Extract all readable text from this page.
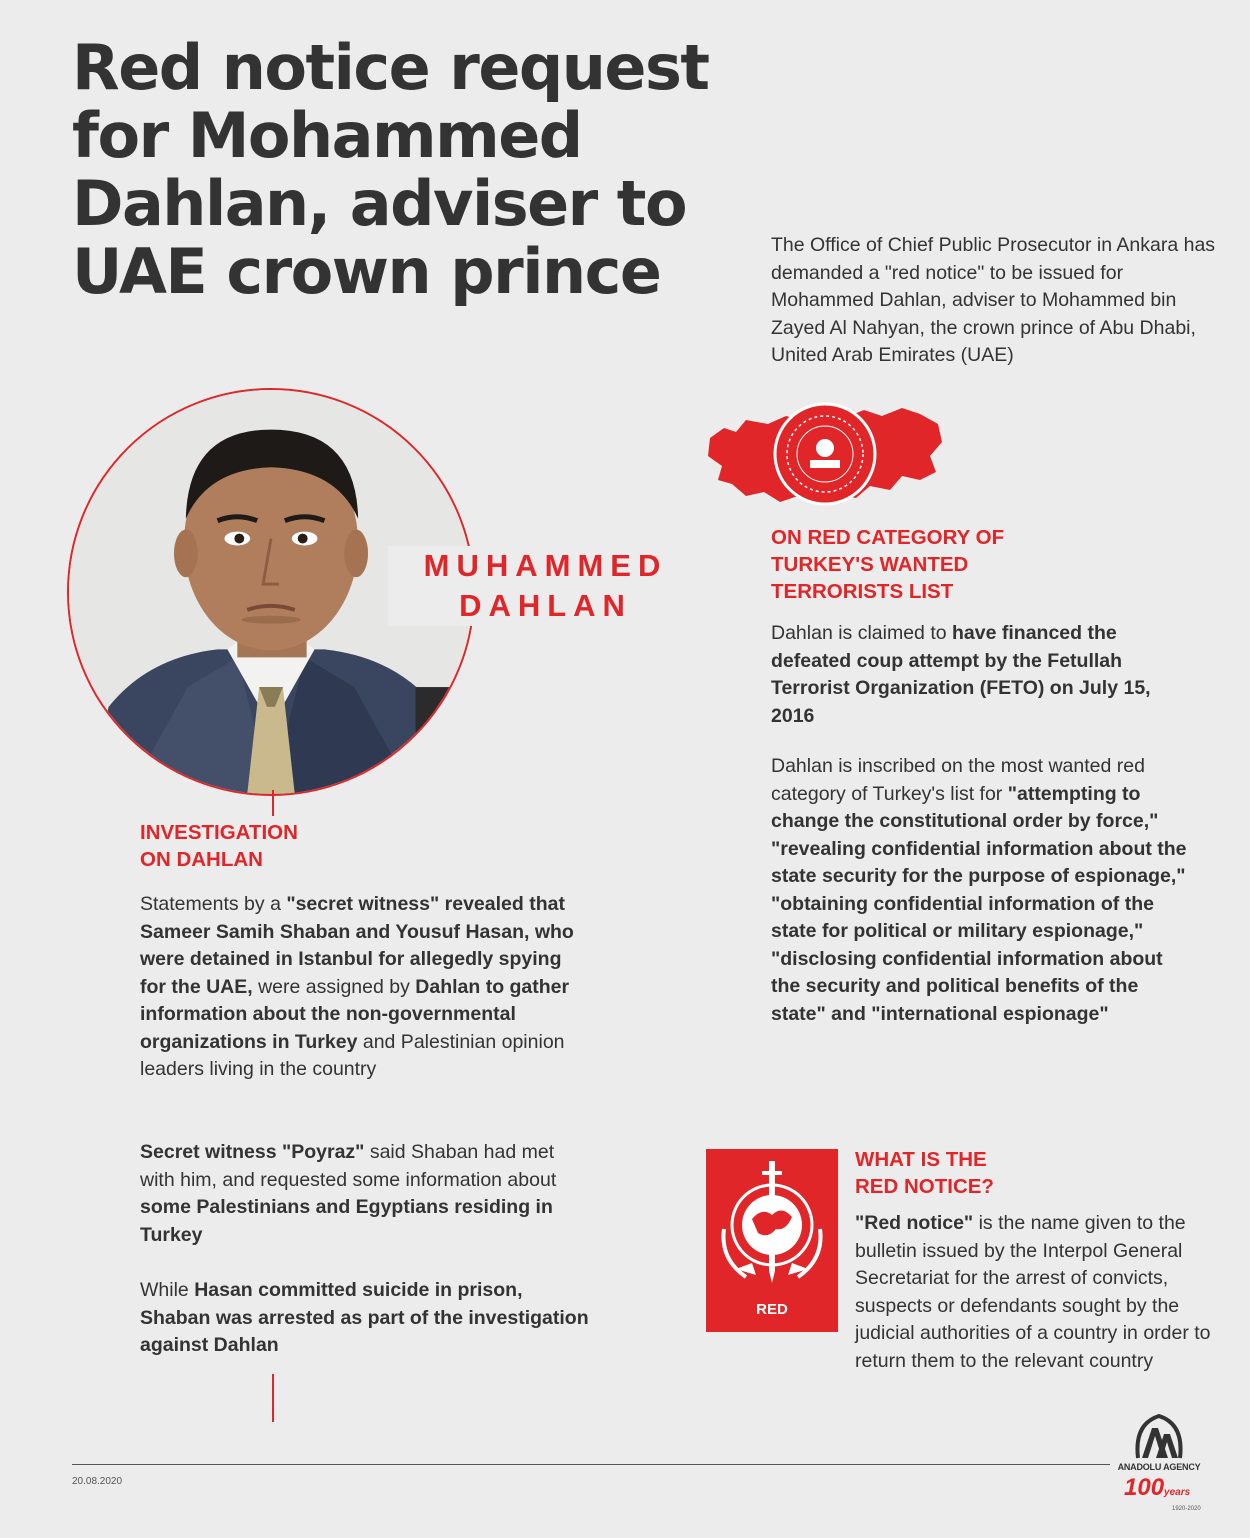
Red notice request for Mohammed Dahlan, adviser to UAE crown prince	The Office of Chief Public Prosecutor in Ankara has demanded a "red notice" to be issued for Mohammed Dahlan, adviser to Mohammed bin Zayed Al Nahyan, the crown prince of Abu Dhabi, United Arab Emirates (UAE)

MUHAMMED
DAHLAN
INVESTIGATION
ON DAHLAN

Statements by a "secret witness" revealed that Sameer Samih Shaban and Yousuf Hasan, who were detained in Istanbul for allegedly spying for the UAE, were assigned by Dahlan to gather information about the non-governmental organizations in Turkey and Palestinian opinion leaders living in the country

Secret witness "Poyraz" said Shaban had met with him, and requested some information about some Palestinians and Egyptians residing in Turkey

While Hasan committed suicide in prison, Shaban was arrested as part of the investigation against Dahlan

ON RED CATEGORY OF
TURKEY'S WANTED
TERRORISTS LIST

Dahlan is claimed to have financed the defeated coup attempt by the Fetullah Terrorist Organization (FETO) on July 15, 2016

Dahlan is inscribed on the most wanted red category of Turkey's list for "attempting to change the constitutional order by force," "revealing confidential information about the state security for the purpose of espionage," "obtaining confidential information of the state for political or military espionage," "disclosing confidential information about the security and political benefits of the state" and "international espionage"

RED
WHAT IS THE
RED NOTICE?

"Red notice" is the name given to the bulletin issued by the Interpol General Secretariat for the arrest of convicts, suspects or defendants sought by the judicial authorities of a country in order to return them to the relevant country

20.08.2020
ANADOLU AGENCY
100years
1920-2020
